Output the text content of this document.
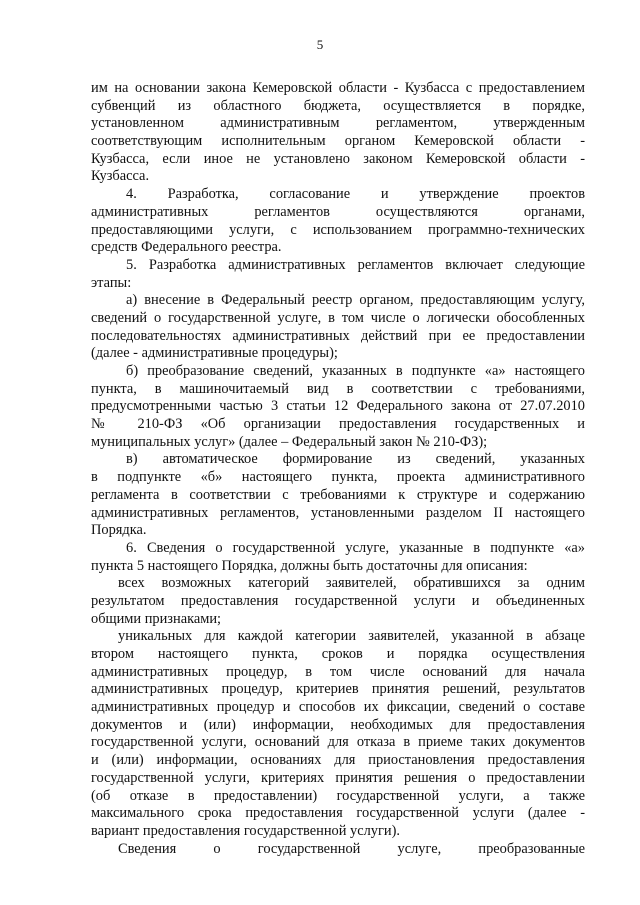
5
им на основании закона Кемеровской области - Кузбасса с предоставлением
субвенций из областного бюджета, осуществляется в порядке,
установленном административным регламентом, утвержденным
соответствующим исполнительным органом Кемеровской области -
Кузбасса, если иное не установлено законом Кемеровской области -
Кузбасса.
4. Разработка, согласование и утверждение проектов
административных регламентов осуществляются органами,
предоставляющими услуги, с использованием программно-технических
средств Федерального реестра.
5. Разработка административных регламентов включает следующие
этапы:
а) внесение в Федеральный реестр органом, предоставляющим услугу,
сведений о государственной услуге, в том числе о логически обособленных
последовательностях административных действий при ее предоставлении
(далее - административные процедуры);
б) преобразование сведений, указанных в подпункте «а» настоящего
пункта, в машиночитаемый вид в соответствии с требованиями,
предусмотренными частью 3 статьи 12 Федерального закона от 27.07.2010
№ 210-ФЗ «Об организации предоставления государственных и
муниципальных услуг» (далее – Федеральный закон № 210-ФЗ);
в) автоматическое формирование из сведений, указанных
в подпункте «б» настоящего пункта, проекта административного
регламента в соответствии с требованиями к структуре и содержанию
административных регламентов, установленными разделом II настоящего
Порядка.
6. Сведения о государственной услуге, указанные в подпункте «а»
пункта 5 настоящего Порядка, должны быть достаточны для описания:
всех возможных категорий заявителей, обратившихся за одним
результатом предоставления государственной услуги и объединенных
общими признаками;
уникальных для каждой категории заявителей, указанной в абзаце
втором настоящего пункта, сроков и порядка осуществления
административных процедур, в том числе оснований для начала
административных процедур, критериев принятия решений, результатов
административных процедур и способов их фиксации, сведений о составе
документов и (или) информации, необходимых для предоставления
государственной услуги, оснований для отказа в приеме таких документов
и (или) информации, основаниях для приостановления предоставления
государственной услуги, критериях принятия решения о предоставлении
(об отказе в предоставлении) государственной услуги, а также
максимального срока предоставления государственной услуги (далее -
вариант предоставления государственной услуги).
Сведения о государственной услуге, преобразованные
